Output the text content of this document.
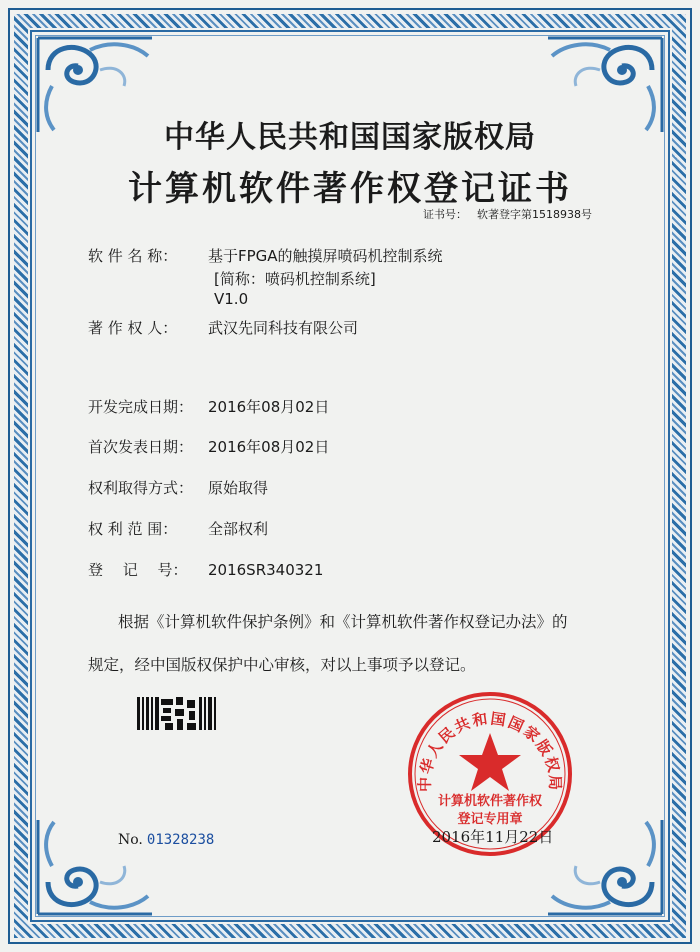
中华人民共和国国家版权局
计算机软件著作权登记证书
证书号： 软著登字第1518938号
软 件 名 称： 基于FPGA的触摸屏喷码机控制系统
[简称：喷码机控制系统]
V1.0
著 作 权 人： 武汉先同科技有限公司
开发完成日期： 2016年08月02日
首次发表日期： 2016年08月02日
权利取得方式： 原始取得
权 利 范 围： 全部权利
登　 记　 号： 2016SR340321
根据《计算机软件保护条例》和《计算机软件著作权登记办法》的
规定，经中国版权保护中心审核，对以上事项予以登记。
No. 01328238
中华人民共和国国家版权局
计算机软件著作权
登记专用章
2016年11月22日
